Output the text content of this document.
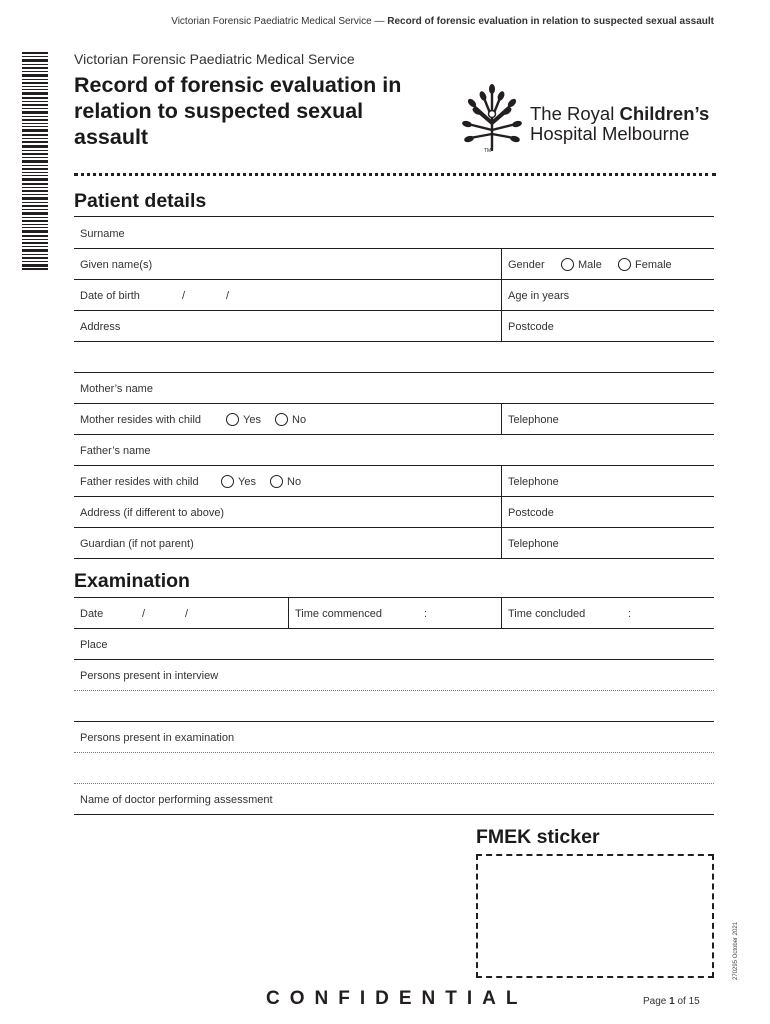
Victorian Forensic Paediatric Medical Service — Record of forensic evaluation in relation to suspected sexual assault
Victorian Forensic Paediatric Medical Service
Record of forensic evaluation in relation to suspected sexual assault
TM
The Royal Children’s
Hospital Melbourne
Patient details
Surname
Given name(s)	Gender	Male	Female
Date of birth	/	/	Age in years
Address	Postcode
Mother’s name
Mother resides with child	Yes	No	Telephone
Father’s name
Father resides with child	Yes	No	Telephone
Address (if different to above)	Postcode
Guardian (if not parent)	Telephone
Examination
Date	/	/	Time commenced	:	Time concluded	:
Place
Persons present in interview
Persons present in examination
Name of doctor performing assessment
FMEK sticker
270295 October 2021
CONFIDENTIAL	Page 1 of 15
